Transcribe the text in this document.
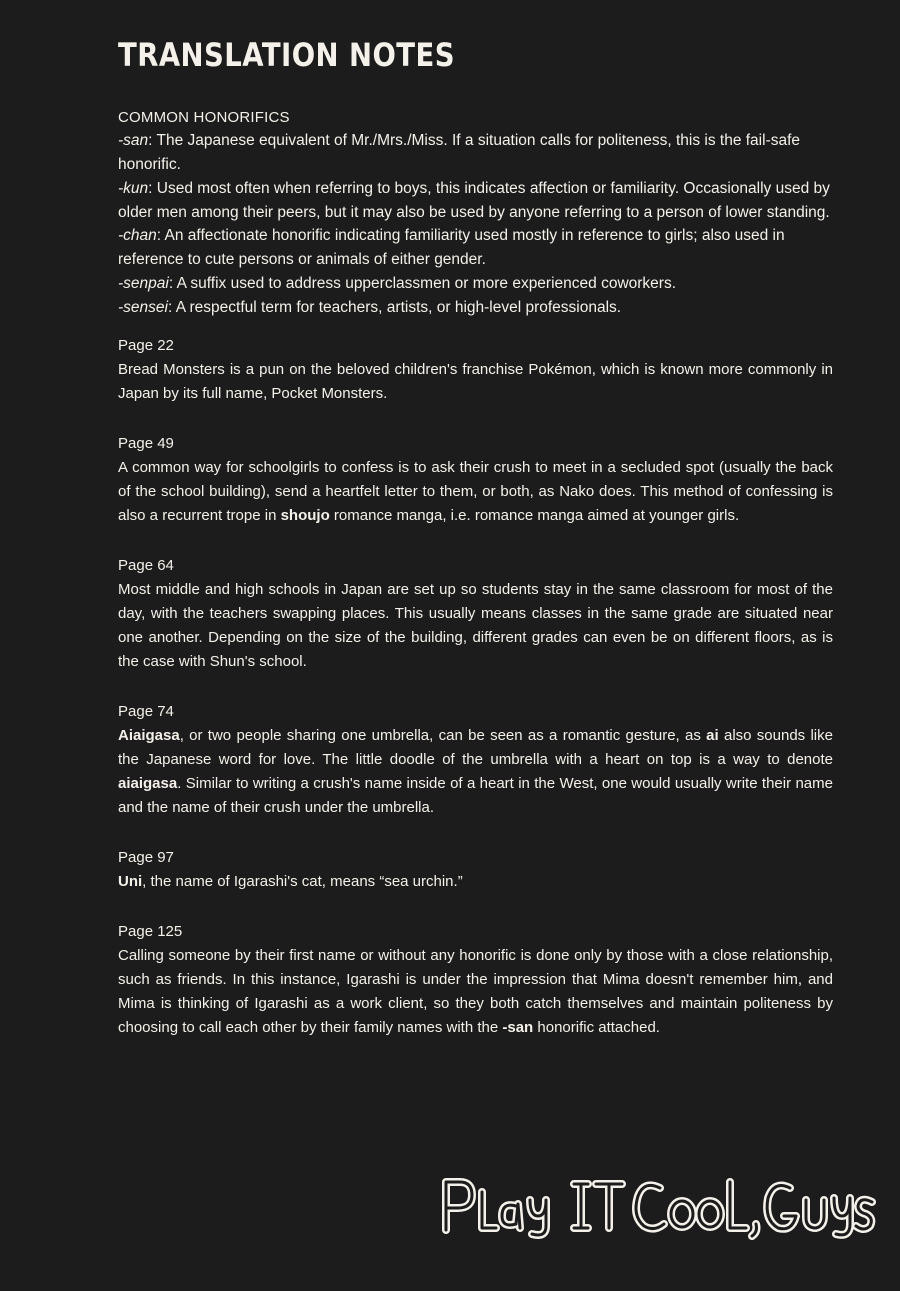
TRANSLATION NOTES
COMMON HONORIFICS
-san: The Japanese equivalent of Mr./Mrs./Miss. If a situation calls for politeness, this is the fail-safe honorific.
-kun: Used most often when referring to boys, this indicates affection or familiarity. Occasionally used by older men among their peers, but it may also be used by anyone referring to a person of lower standing.
-chan: An affectionate honorific indicating familiarity used mostly in reference to girls; also used in reference to cute persons or animals of either gender.
-senpai: A suffix used to address upperclassmen or more experienced coworkers.
-sensei: A respectful term for teachers, artists, or high-level professionals.
Page 22
Bread Monsters is a pun on the beloved children's franchise Pokémon, which is known more commonly in Japan by its full name, Pocket Monsters.
Page 49
A common way for schoolgirls to confess is to ask their crush to meet in a secluded spot (usually the back of the school building), send a heartfelt letter to them, or both, as Nako does. This method of confessing is also a recurrent trope in shoujo romance manga, i.e. romance manga aimed at younger girls.
Page 64
Most middle and high schools in Japan are set up so students stay in the same classroom for most of the day, with the teachers swapping places. This usually means classes in the same grade are situated near one another. Depending on the size of the building, different grades can even be on different floors, as is the case with Shun's school.
Page 74
Aiaigasa, or two people sharing one umbrella, can be seen as a romantic gesture, as ai also sounds like the Japanese word for love. The little doodle of the umbrella with a heart on top is a way to denote aiaigasa. Similar to writing a crush's name inside of a heart in the West, one would usually write their name and the name of their crush under the umbrella.
Page 97
Uni, the name of Igarashi's cat, means “sea urchin.”
Page 125
Calling someone by their first name or without any honorific is done only by those with a close relationship, such as friends. In this instance, Igarashi is under the impression that Mima doesn't remember him, and Mima is thinking of Igarashi as a work client, so they both catch themselves and maintain politeness by choosing to call each other by their family names with the -san honorific attached.
PLAY IT COOL, GUYS
